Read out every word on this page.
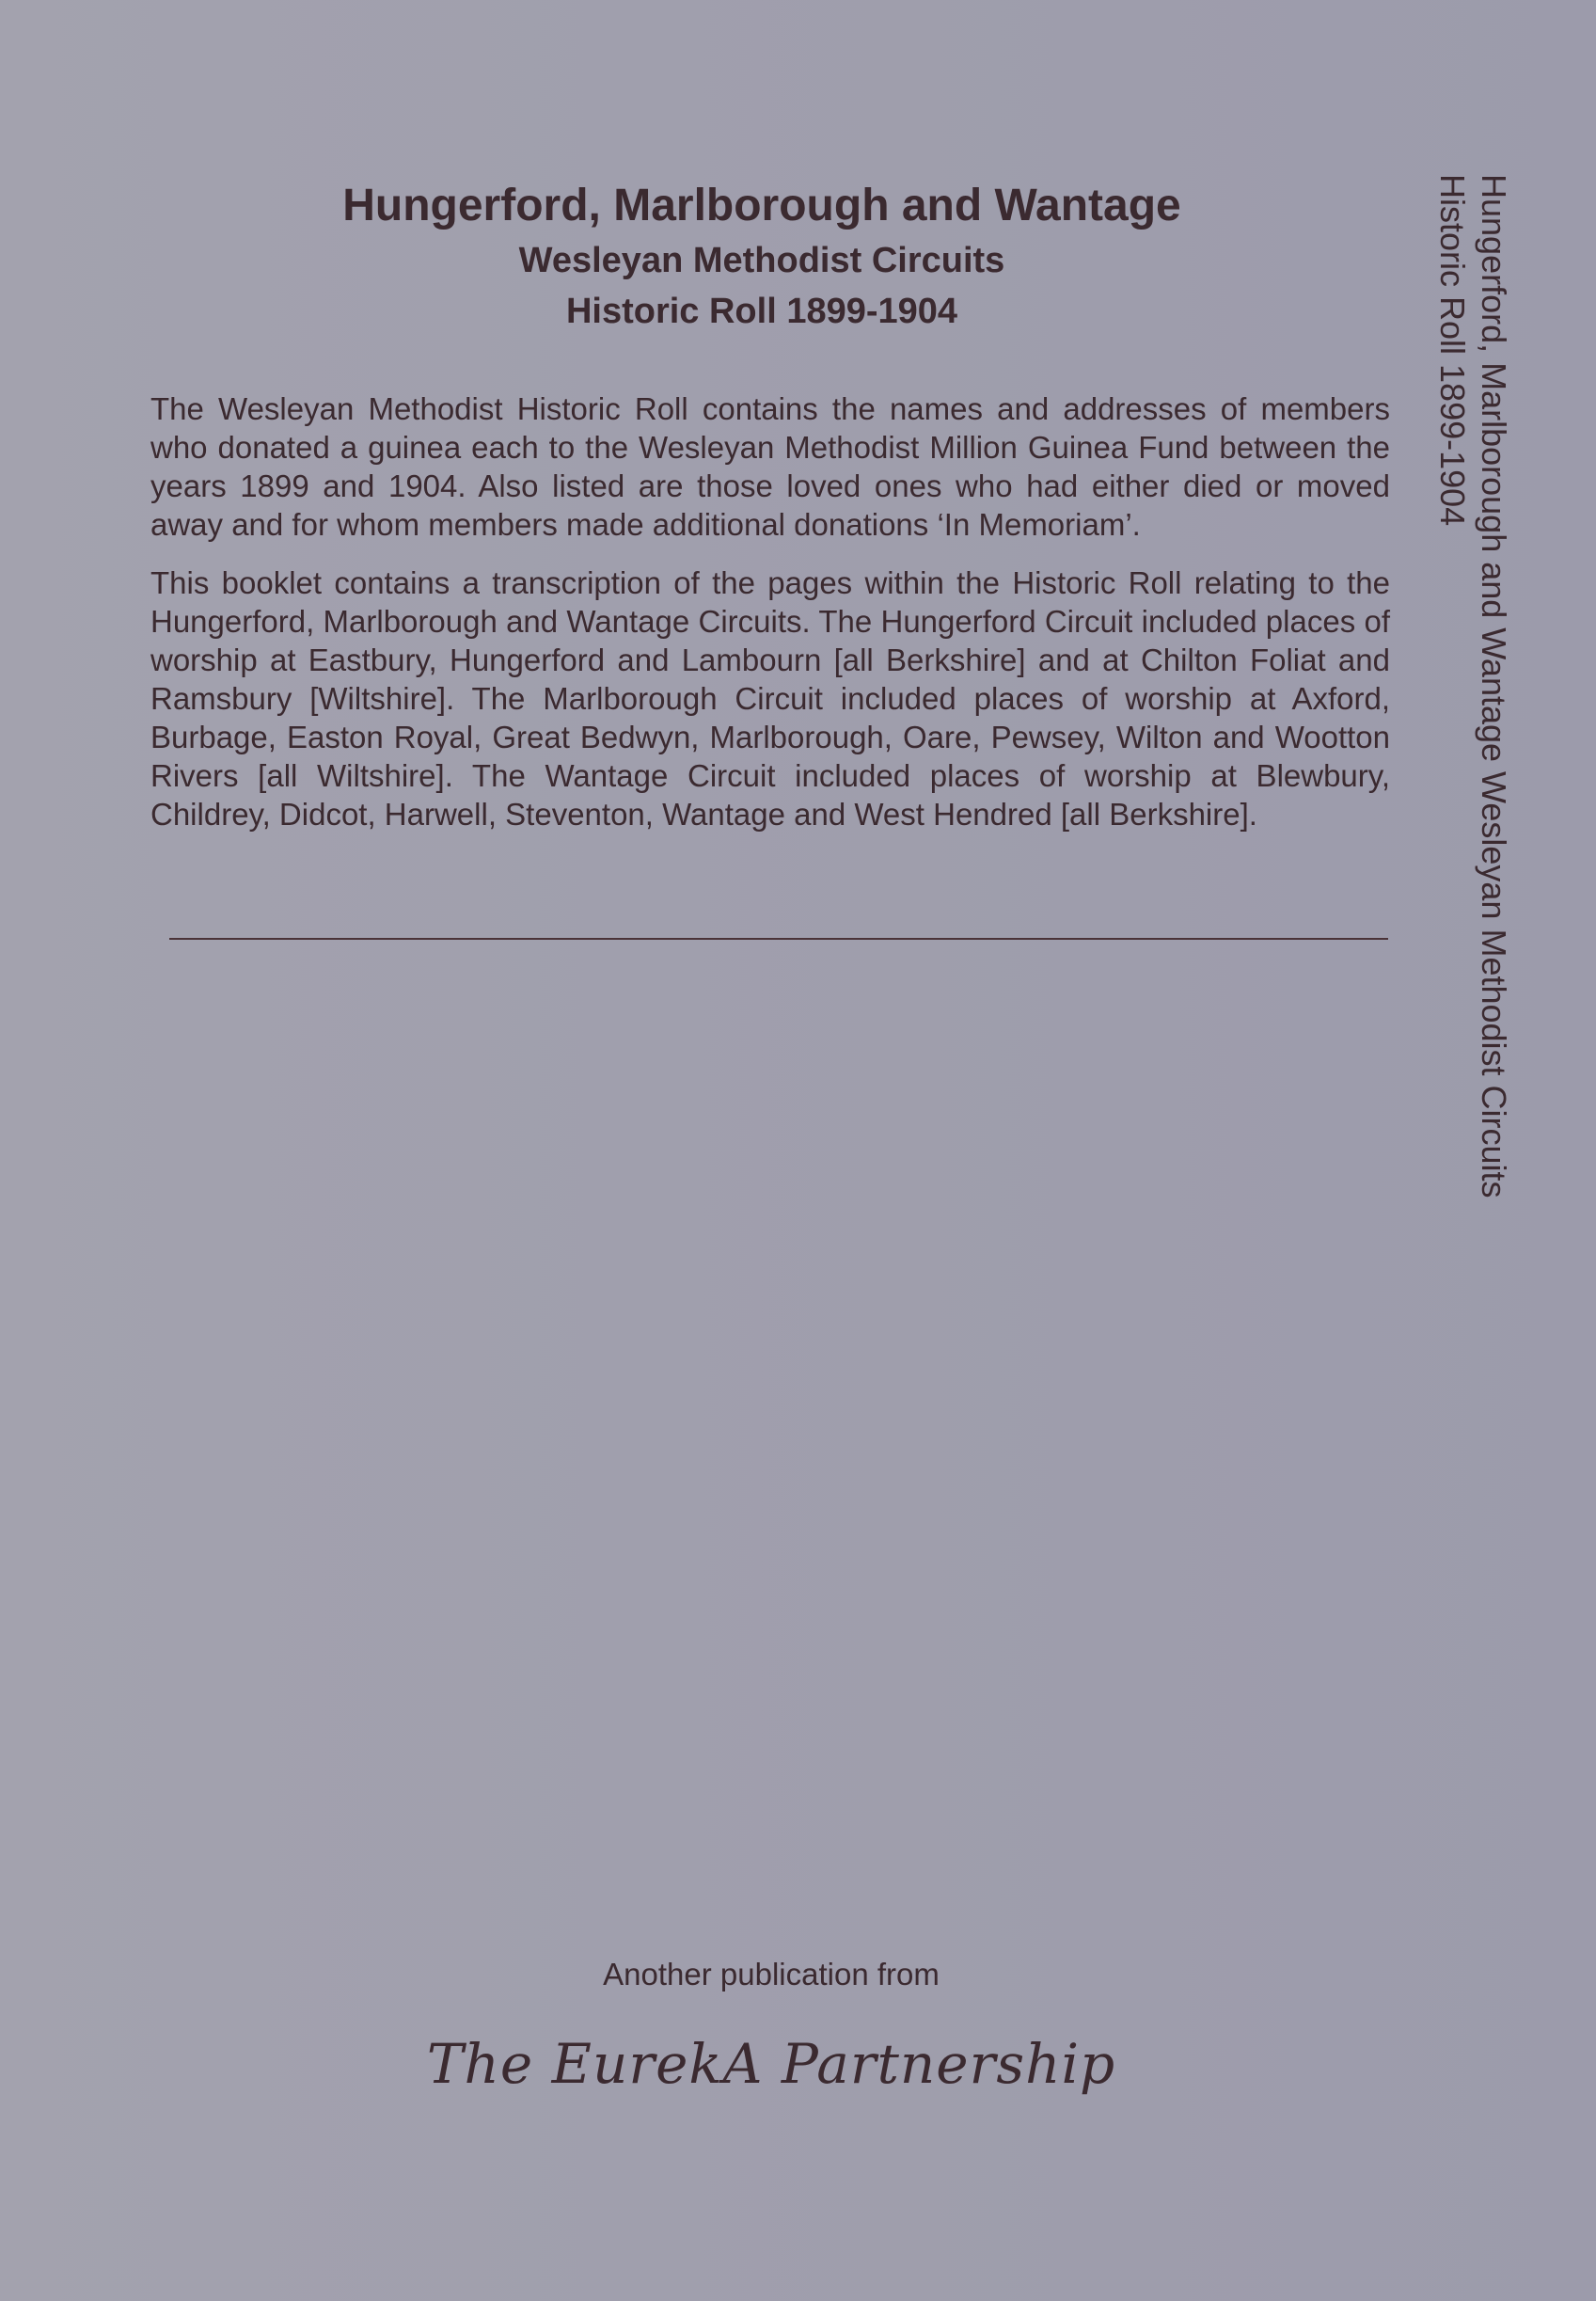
Hungerford, Marlborough and Wantage
Wesleyan Methodist Circuits
Historic Roll 1899-1904

The Wesleyan Methodist Historic Roll contains the names and addresses of members who donated a guinea each to the Wesleyan Methodist Million Guinea Fund between the years 1899 and 1904. Also listed are those loved ones who had either died or moved away and for whom members made additional donations ‘In Memoriam’.

This booklet contains a transcription of the pages within the Historic Roll relating to the Hungerford, Marlborough and Wantage Circuits. The Hungerford Circuit included places of worship at Eastbury, Hungerford and Lambourn [all Berkshire] and at Chilton Foliat and Ramsbury [Wiltshire]. The Marlborough Circuit included places of worship at Axford, Burbage, Easton Royal, Great Bedwyn, Marlborough, Oare, Pewsey, Wilton and Wootton Rivers [all Wiltshire]. The Wantage Circuit included places of worship at Blewbury, Childrey, Didcot, Harwell, Steventon, Wantage and West Hendred [all Berkshire].	Hungerford, Marlborough and Wantage Wesleyan Methodist Circuits
Historic Roll 1899-1904
Another publication from
The EurekA Partnership
